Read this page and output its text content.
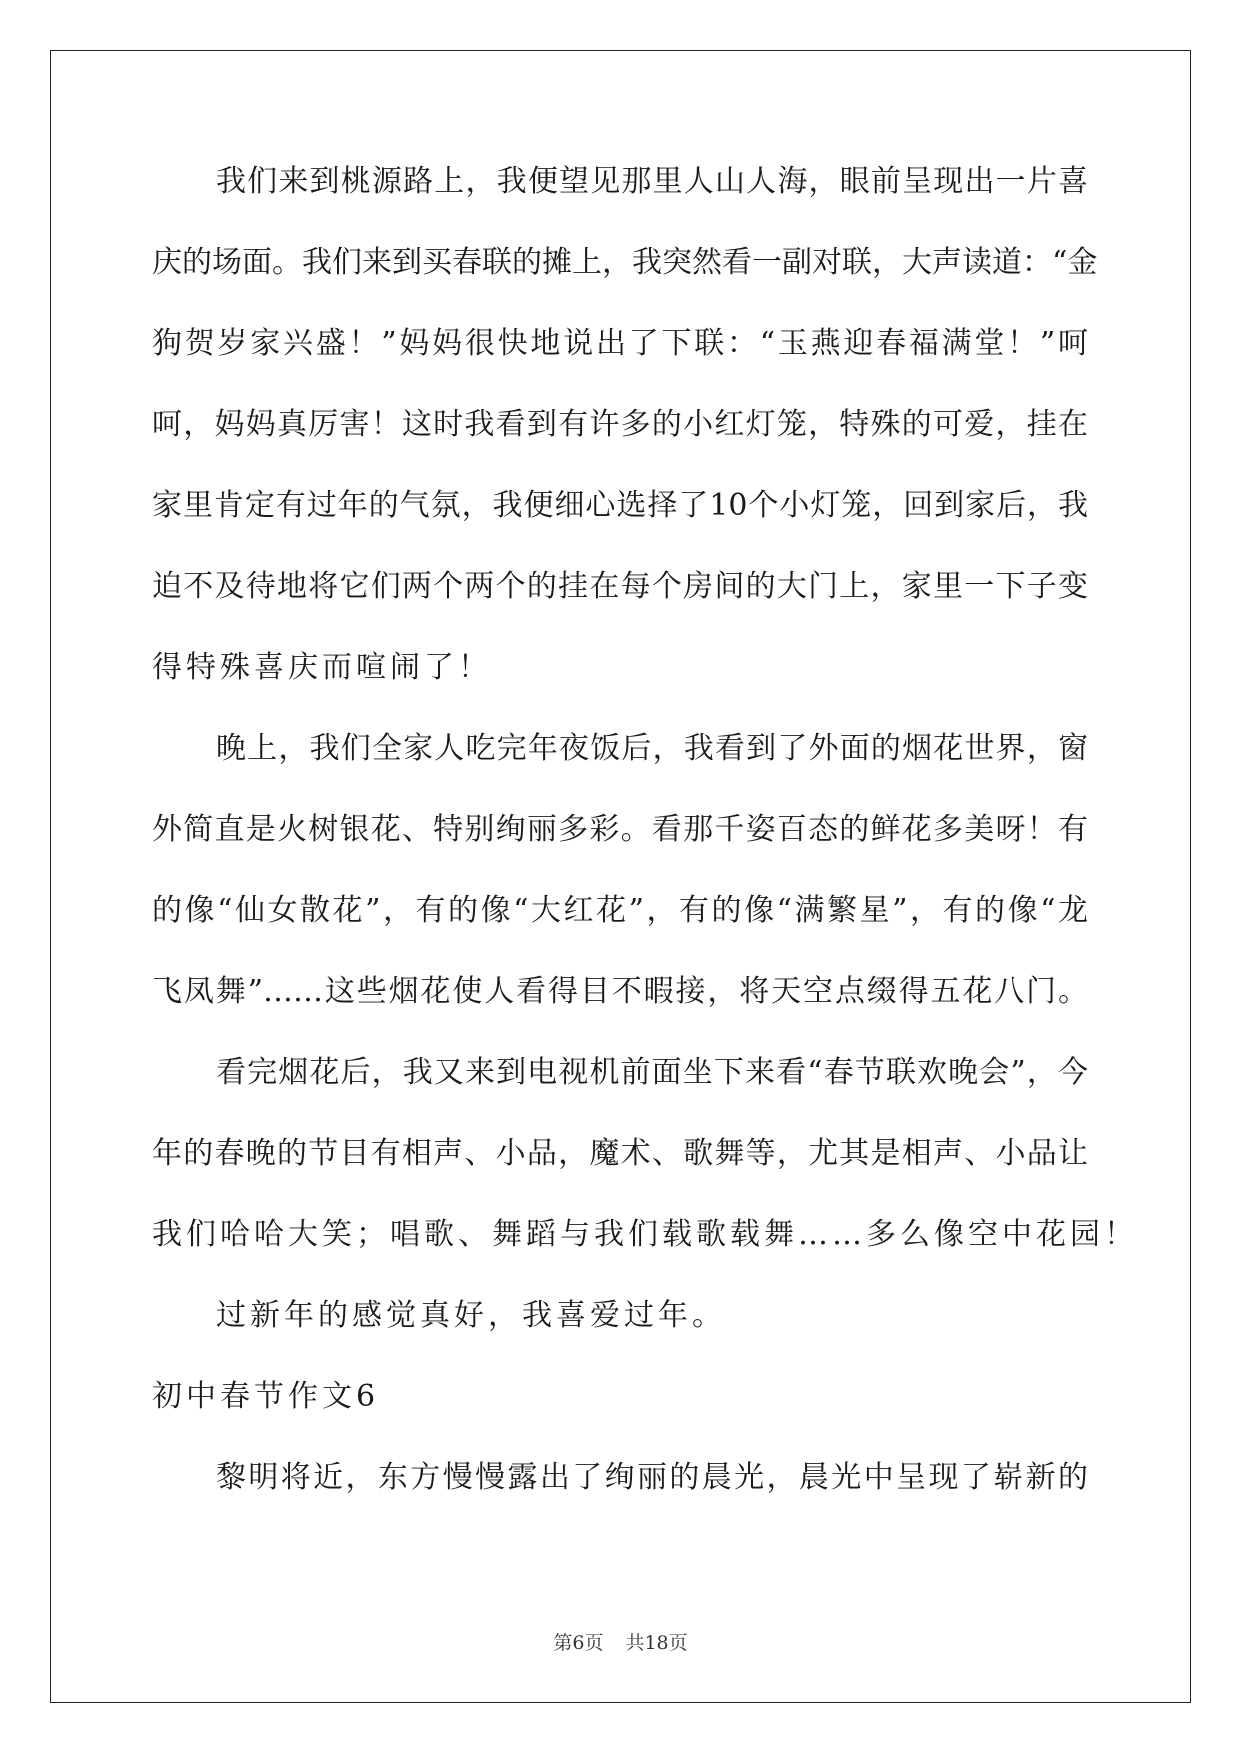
我们来到桃源路上，我便望见那里人山人海，眼前呈现出一片喜
庆的场面。我们来到买春联的摊上，我突然看一副对联，大声读道：“金
狗贺岁家兴盛！”妈妈很快地说出了下联：“玉燕迎春福满堂！”呵
呵，妈妈真厉害！这时我看到有许多的小红灯笼，特殊的可爱，挂在
家里肯定有过年的气氛，我便细心选择了10个小灯笼，回到家后，我
迫不及待地将它们两个两个的挂在每个房间的大门上，家里一下子变
得特殊喜庆而喧闹了！
晚上，我们全家人吃完年夜饭后，我看到了外面的烟花世界，窗
外简直是火树银花、特别绚丽多彩。看那千姿百态的鲜花多美呀！有
的像“仙女散花”，有的像“大红花”，有的像“满繁星”，有的像“龙
飞凤舞”……这些烟花使人看得目不暇接，将天空点缀得五花八门。
看完烟花后，我又来到电视机前面坐下来看“春节联欢晚会”，今
年的春晚的节目有相声、小品，魔术、歌舞等，尤其是相声、小品让
我们哈哈大笑；唱歌、舞蹈与我们载歌载舞……多么像空中花园！
过新年的感觉真好，我喜爱过年。
初中春节作文6
黎明将近，东方慢慢露出了绚丽的晨光，晨光中呈现了崭新的
第6页 共18页
